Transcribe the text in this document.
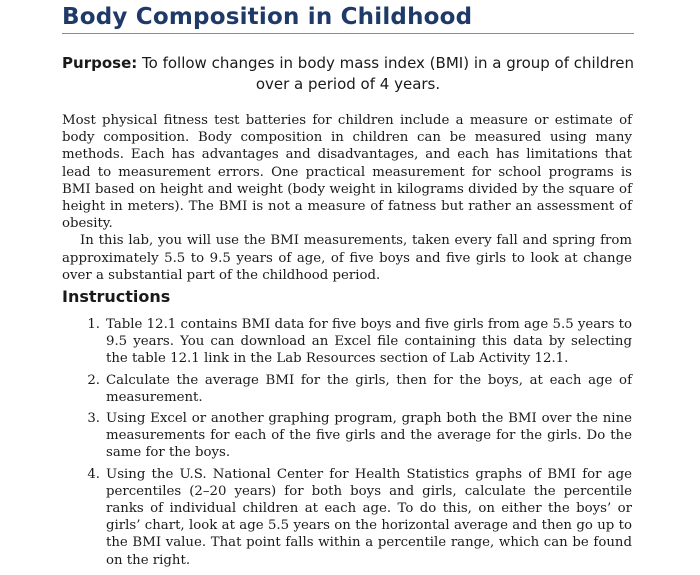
Body Composition in Childhood
Purpose: To follow changes in body mass index (BMI) in a group of children over a period of 4 years.

Most physical fitness test batteries for children include a measure or estimate of body composition. Body composition in children can be measured using many methods. Each has advantages and disadvantages, and each has limitations that lead to measurement errors. One practical measurement for school programs is BMI based on height and weight (body weight in kilograms divided by the square of height in meters). The BMI is not a measure of fatness but rather an assessment of obesity.

In this lab, you will use the BMI measurements, taken every fall and spring from approximately 5.5 to 9.5 years of age, of five boys and five girls to look at change over a substantial part of the childhood period.

Instructions
1. Table 12.1 contains BMI data for five boys and five girls from age 5.5 years to 9.5 years. You can download an Excel file containing this data by selecting the table 12.1 link in the Lab Resources section of Lab Activity 12.1.
2. Calculate the average BMI for the girls, then for the boys, at each age of measurement.
3. Using Excel or another graphing program, graph both the BMI over the nine measurements for each of the five girls and the average for the girls. Do the same for the boys.
4. Using the U.S. National Center for Health Statistics graphs of BMI for age percentiles (2–20 years) for both boys and girls, calculate the percentile ranks of individual children at each age. To do this, on either the boys’ or girls’ chart, look at age 5.5 years on the horizontal average and then go up to the BMI value. That point falls within a percentile range, which can be found on the right.
